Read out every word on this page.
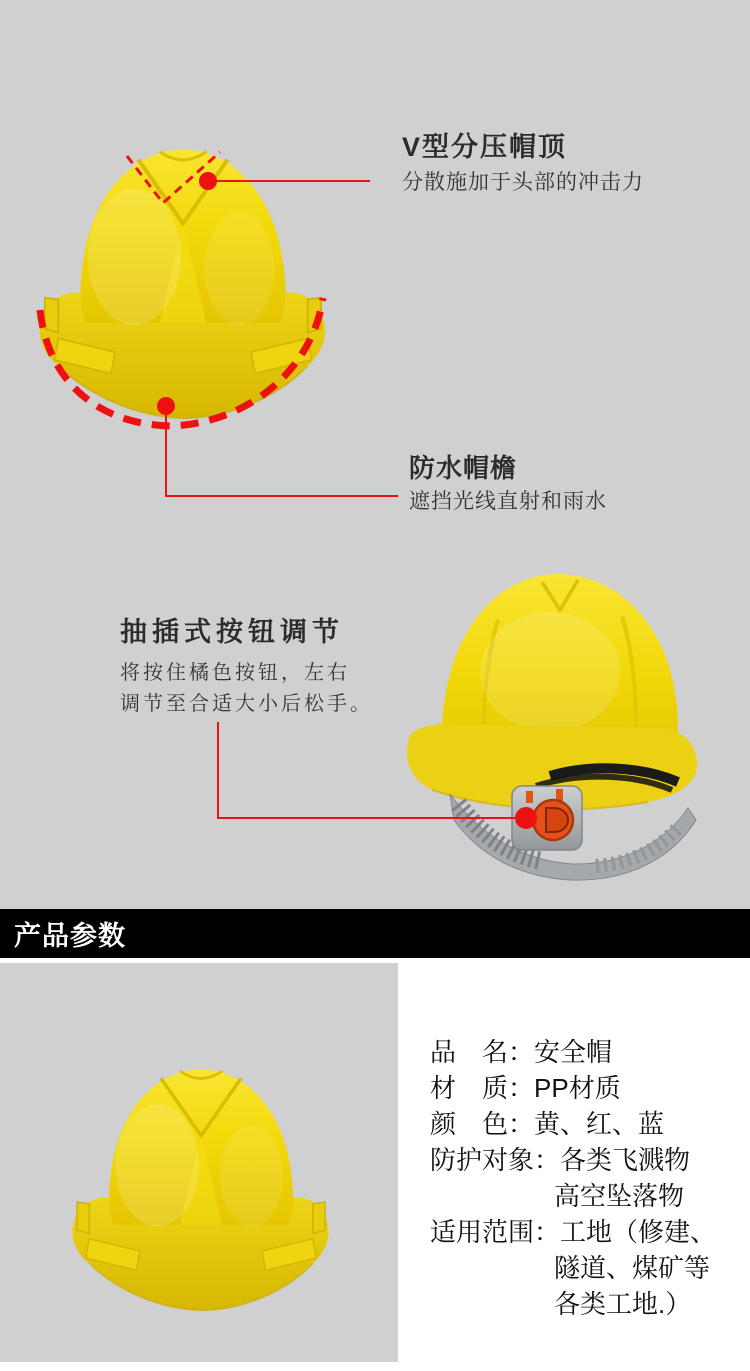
V型分压帽顶
分散施加于头部的冲击力
防水帽檐
遮挡光线直射和雨水
抽插式按钮调节
将按住橘色按钮，左右
调节至合适大小后松手。
产品参数
品　名： 安全帽
材　质： PP材质
颜　色： 黄、红、蓝
防护对象： 各类飞溅物
高空坠落物
适用范围： 工地（修建、
隧道、煤矿等
各类工地.）
